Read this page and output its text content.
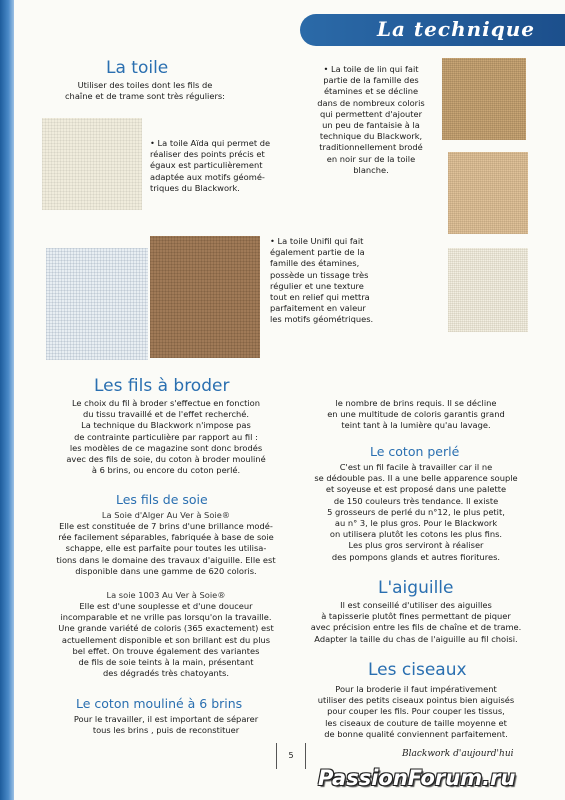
La technique
La toile
Utiliser des toiles dont les fils de
chaîne et de trame sont très réguliers:
• La toile Aïda qui permet de
réaliser des points précis et
égaux est particulièrement
adaptée aux motifs géomé-
triques du Blackwork.
• La toile Unifil qui fait
également partie de la
famille des étamines,
possède un tissage très
régulier et une texture
tout en relief qui mettra
parfaitement en valeur
les motifs géométriques.
• La toile de lin qui fait
partie de la famille des
étamines et se décline
dans de nombreux coloris
qui permettent d'ajouter
un peu de fantaisie à la
technique du Blackwork,
traditionnellement brodé
en noir sur de la toile
blanche.
Les fils à broder
Le choix du fil à broder s'effectue en fonction
du tissu travaillé et de l'effet recherché.
La technique du Blackwork n'impose pas
de contrainte particulière par rapport au fil :
les modèles de ce magazine sont donc brodés
avec des fils de soie, du coton à broder mouliné
à 6 brins, ou encore du coton perlé.
Les fils de soie
La Soie d'Alger Au Ver à Soie®
Elle est constituée de 7 brins d'une brillance modé-
rée facilement séparables, fabriquée à base de soie
schappe, elle est parfaite pour toutes les utilisa-
tions dans le domaine des travaux d'aiguille. Elle est
disponible dans une gamme de 620 coloris.
La soie 1003 Au Ver à Soie®
Elle est d'une souplesse et d'une douceur
incomparable et ne vrille pas lorsqu'on la travaille.
Une grande variété de coloris (365 exactement) est
actuellement disponible et son brillant est du plus
bel effet. On trouve également des variantes
de fils de soie teints à la main, présentant
des dégradés très chatoyants.
Le coton mouliné à 6 brins
Pour le travailler, il est important de séparer
tous les brins , puis de reconstituer
le nombre de brins requis. Il se décline
en une multitude de coloris garantis grand
teint tant à la lumière qu'au lavage.
Le coton perlé
C'est un fil facile à travailler car il ne
se dédouble pas. Il a une belle apparence souple
et soyeuse et est proposé dans une palette
de 150 couleurs très tendance. Il existe
5 grosseurs de perlé du n°12, le plus petit,
au n° 3, le plus gros. Pour le Blackwork
on utilisera plutôt les cotons les plus fins.
Les plus gros serviront à réaliser
des pompons glands et autres fioritures.
L'aiguille
Il est conseillé d'utiliser des aiguilles
à tapisserie plutôt fines permettant de piquer
avec précision entre les fils de chaîne et de trame.
Adapter la taille du chas de l'aiguille au fil choisi.
Les ciseaux
Pour la broderie il faut impérativement
utiliser des petits ciseaux pointus bien aiguisés
pour couper les fils. Pour couper les tissus,
les ciseaux de couture de taille moyenne et
de bonne qualité conviennent parfaitement.
5	Blackwork d'aujourd'hui
PassionForum.ru
